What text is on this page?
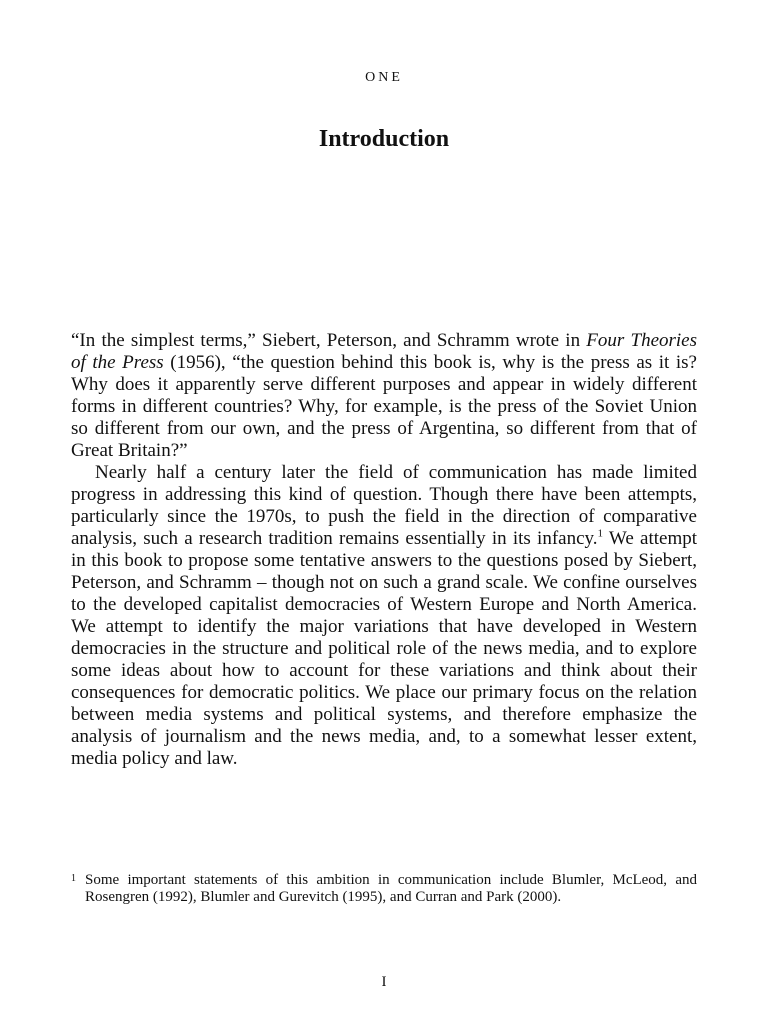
ONE
Introduction

“In the simplest terms,” Siebert, Peterson, and Schramm wrote in Four Theories of the Press (1956), “the question behind this book is, why is the press as it is? Why does it apparently serve different purposes and appear in widely different forms in different countries? Why, for example, is the press of the Soviet Union so different from our own, and the press of Argentina, so different from that of Great Britain?”

Nearly half a century later the field of communication has made limited progress in addressing this kind of question. Though there have been attempts, particularly since the 1970s, to push the field in the direction of comparative analysis, such a research tradition remains essentially in its infancy.$^1$ We attempt in this book to propose some tentative answers to the questions posed by Siebert, Peterson, and Schramm – though not on such a grand scale. We confine ourselves to the developed capitalist democracies of Western Europe and North America. We attempt to identify the major variations that have developed in Western democracies in the structure and political role of the news media, and to explore some ideas about how to account for these variations and think about their consequences for democratic politics. We place our primary focus on the relation between media systems and political systems, and therefore emphasize the analysis of journalism and the news media, and, to a somewhat lesser extent, media policy and law.

1 Some important statements of this ambition in communication include Blumler, McLeod, and Rosengren (1992), Blumler and Gurevitch (1995), and Curran and Park (2000).
I
